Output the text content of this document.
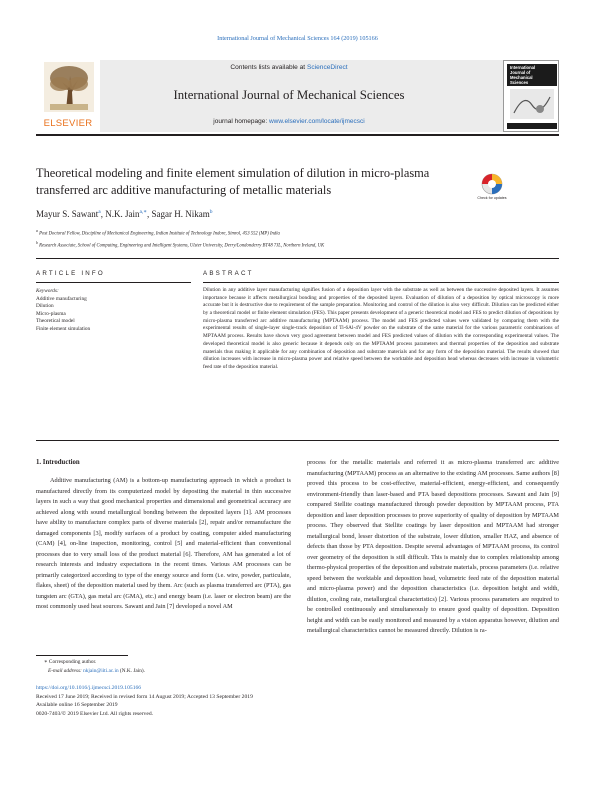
International Journal of Mechanical Sciences 164 (2019) 105166
ELSEVIER
Contents lists available at ScienceDirect
International Journal of Mechanical Sciences
journal homepage: www.elsevier.com/locate/ijmecsci
International Journal of Mechanical Sciences
Theoretical modeling and finite element simulation of dilution in micro-plasma transferred arc additive manufacturing of metallic materials
Check for updates
Mayur S. Sawant$^a$, N.K. Jain$^{a,∗}$, Sagar H. Nikam$^b$
$^a$ Post Doctoral Fellow, Discipline of Mechanical Engineering, Indian Institute of Technology Indore, Simrol, 453 552 (MP) India
$^b$ Research Associate, School of Computing, Engineering and Intelligent Systems, Ulster University, Derry/Londonderry BT48 7JL, Northern Ireland, UK
ARTICLE INFO	ABSTRACT
Keywords:
Additive manufacturing
Dilution
Micro-plasma
Theoretical model
Finite element simulation
Dilution in any additive layer manufacturing signifies fusion of a deposition layer with the substrate as well as between the successive deposited layers. It assumes importance because it affects metallurgical bonding and properties of the deposited layers. Evaluation of dilution of a deposition by optical microscopy is more accurate but it is destructive due to requirement of the sample preparation. Monitoring and control of the dilution is also very difficult. Dilution can be predicted either by a theoretical model or finite element simulation (FES). This paper presents development of a generic theoretical model and FES to predict dilution of depositions by micro-plasma transferred arc additive manufacturing (MPTAAM) process. The model and FES predicted values were validated by comparing them with the experimental results of single-layer single-track deposition of Ti-6Al-4V powder on the substrate of the same material for the various parametric combinations of MPTAAM process. Results have shown very good agreement between model and FES predicted values of dilution with the corresponding experimental values. The developed theoretical model is also generic because it depends only on the MPTAAM process parameters and thermal properties of the deposition and substrate materials thus making it applicable for any combination of deposition and substrate materials and for any form of the deposition material. The results showed that dilution increases with increase in micro-plasma power and relative speed between the worktable and deposition head whereas decreases with increase in volumetric feed rate of the deposition material.
1. Introduction

Additive manufacturing (AM) is a bottom-up manufacturing approach in which a product is manufactured directly from its computerized model by depositing the material in thin successive layers in such a way that good mechanical properties and dimensional and geometrical accuracy are achieved along with sound metallurgical bonding between the deposited layers [1]. AM processes have ability to manufacture complex parts of diverse materials [2], repair and/or remanufacture the damaged components [3], modify surfaces of a product by coating, computer aided manufacturing (CAM) [4], on-line inspection, monitoring, control [5] and material-efficient than conventional processes due to very small loss of the product material [6]. Therefore, AM has generated a lot of research interests and industry expectations in the recent times. Various AM processes can be primarily categorized according to type of the energy source and form (i.e. wire, powder, particulate, flakes, sheet) of the deposition material used by them. Arc (such as plasma transferred arc (PTA), gas tungsten arc (GTA), gas metal arc (GMA), etc.) and energy beam (i.e. laser or electron beam) are the most commonly used heat sources. Sawant and Jain [7] developed a novel AM

process for the metallic materials and referred it as micro-plasma transferred arc additive manufacturing (MPTAAM) process as an alternative to the existing AM processes. Same authors [8] proved this process to be cost-effective, material-efficient, energy-efficient, and consequently environment-friendly than laser-based and PTA based depositions processes. Sawant and Jain [9] compared Stellite coatings manufactured through powder deposition by MPTAAM process, PTA deposition and laser deposition processes to prove superiority of quality of deposition by MPTAAM process. They observed that Stellite coatings by laser deposition and MPTAAM had stronger metallurgical bond, lesser distortion of the substrate, lower dilution, smaller HAZ, and absence of defects than those by PTA deposition. Despite several advantages of MPTAAM process, its control over geometry of the deposition is still difficult. This is mainly due to complex relationship among thermo-physical properties of the deposition and substrate materials, process parameters (i.e. relative speed between the worktable and deposition head, volumetric feed rate of the deposition material and micro-plasma power) and the deposition characteristics (i.e. deposition height and width, dilution, cooling rate, metallurgical characteristics) [2]. Various process parameters are required to be controlled continuously and simultaneously to ensure good quality of deposition. Deposition height and width can be easily monitored and measured by a vision apparatus however, dilution and metallurgical characteristics cannot be measured directly. Dilution is ra-

∗ Corresponding author.
E-mail address: nkjain@iiti.ac.in (N.K. Jain).
https://doi.org/10.1016/j.ijmecsci.2019.105166
Received 17 June 2019; Received in revised form 14 August 2019; Accepted 13 September 2019
Available online 16 September 2019
0020-7403/© 2019 Elsevier Ltd. All rights reserved.
